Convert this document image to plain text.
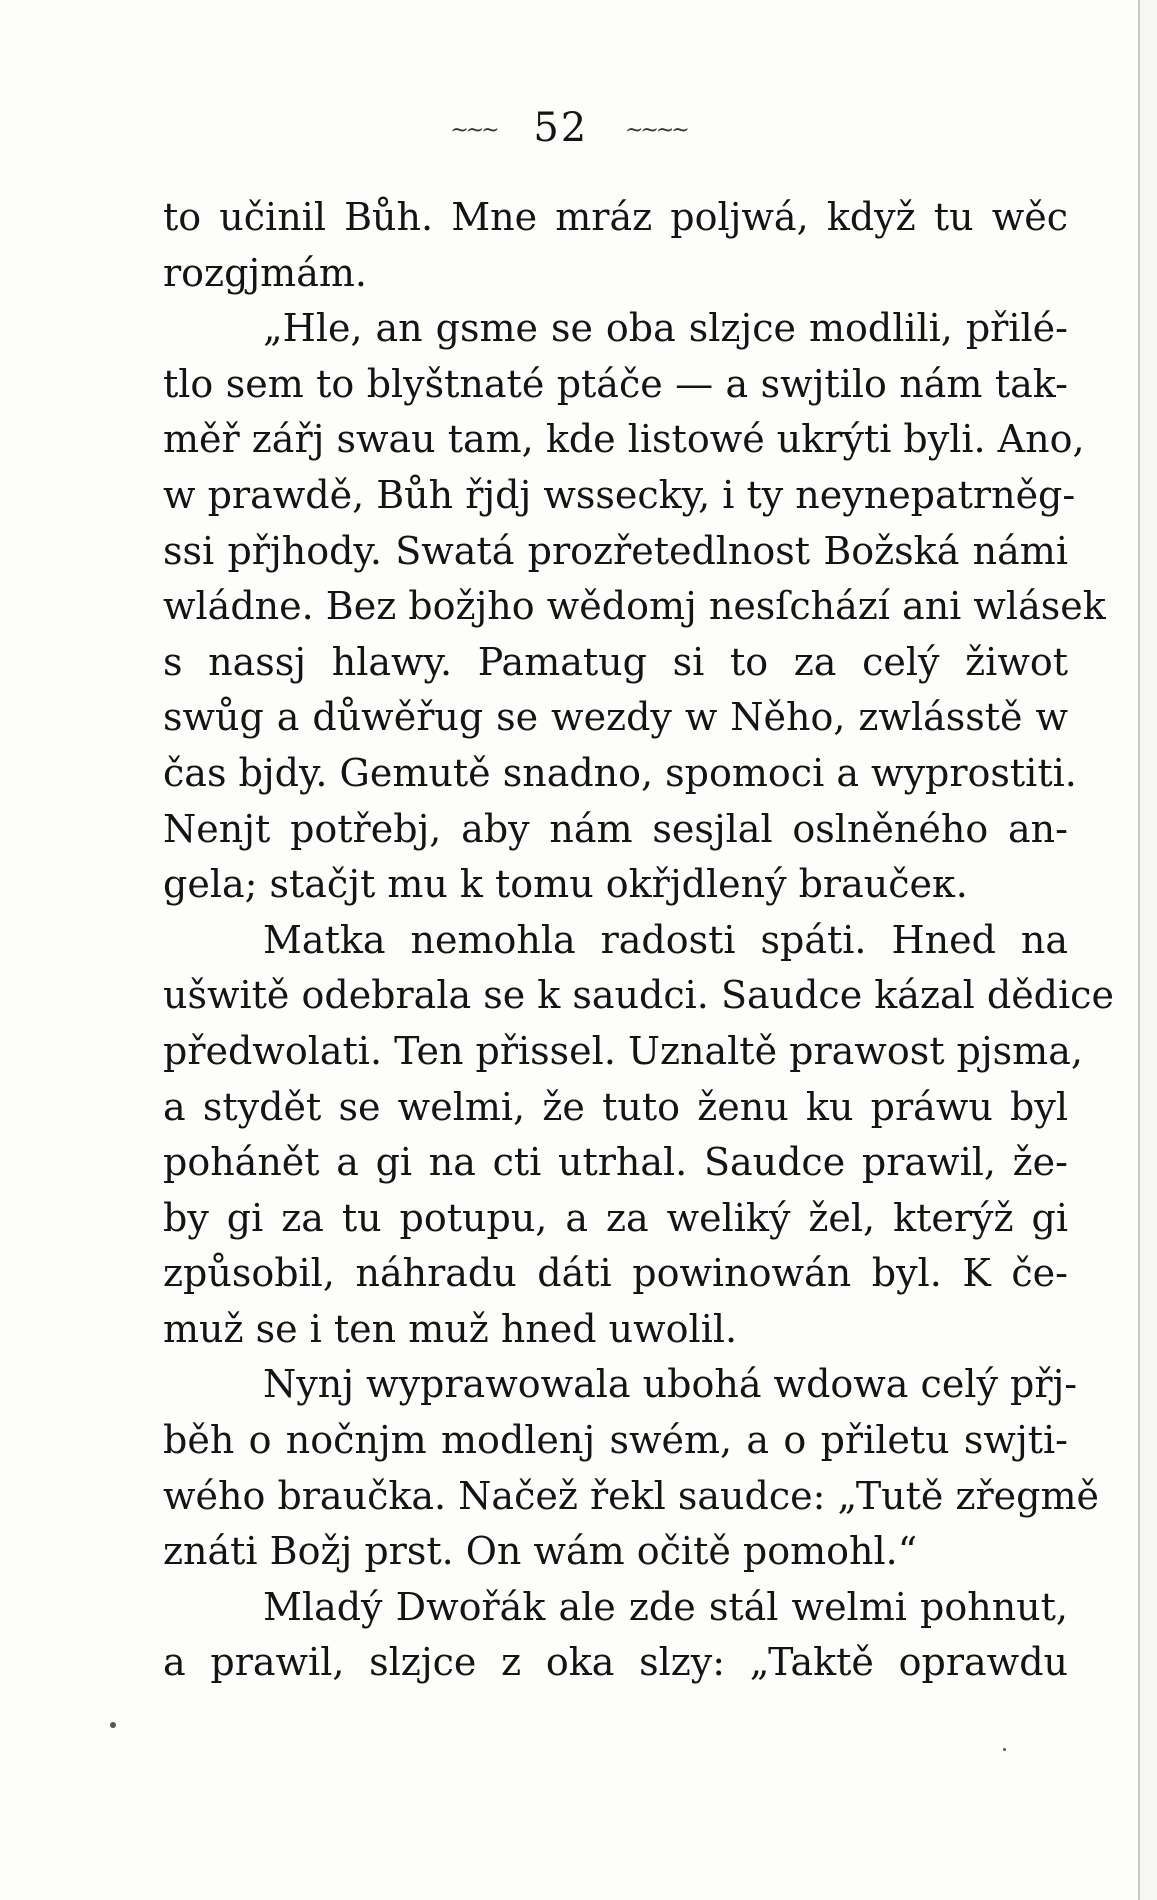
~~~ 52 ~~~~
to učinil Bůh. Mne mráz poljwá, když tu wěc
rozgjmám.
„Hle, an gsme se oba slzjce modlili, přilé-
tlo sem to blyštnaté ptáče — a swjtilo nám tak-
měř zářj swau tam, kde listowé ukrýti byli. Ano,
w prawdě, Bůh řjdj wssecky, i ty neynepatrněg-
ssi přjhody. Swatá prozřetedlnost Božská námi
wládne. Bez božjho wědomj nesſchází ani wlásek
s nassj hlawy. Pamatug si to za celý žiwot
swůg a důwěřug se wezdy w Něho, zwlásstě w
čas bjdy. Gemutě snadno, spomoci a wyprostiti.
Nenjt potřebj, aby nám sesjlal oslněného an-
gela; stačjt mu k tomu okřjdlený braučeк.
Matka nemohla radosti spáti. Hned na
ušwitě odebrala se k saudci. Saudce kázal dědice
předwolati. Ten přissel. Uznaltě prawost pjsma,
a stydět se welmi, že tuto ženu ku práwu byl
pohánět a gi na cti utrhal. Saudce prawil, že-
by gi za tu potupu, a za weliký žel, kterýž gi
způsobil, náhradu dáti powinowán byl. K če-
muž se i ten muž hned uwolil.
Nynj wyprawowala ubohá wdowa celý přj-
běh o nočnjm modlenj swém, a o přiletu swjti-
wého braučka. Načež řekl saudce: „Tutě zřegmě
znáti Božj prst. On wám očitě pomohl.“
Mladý Dwořák ale zde stál welmi pohnut,
a prawil, slzjce z oka slzy: „Taktě oprawdu
